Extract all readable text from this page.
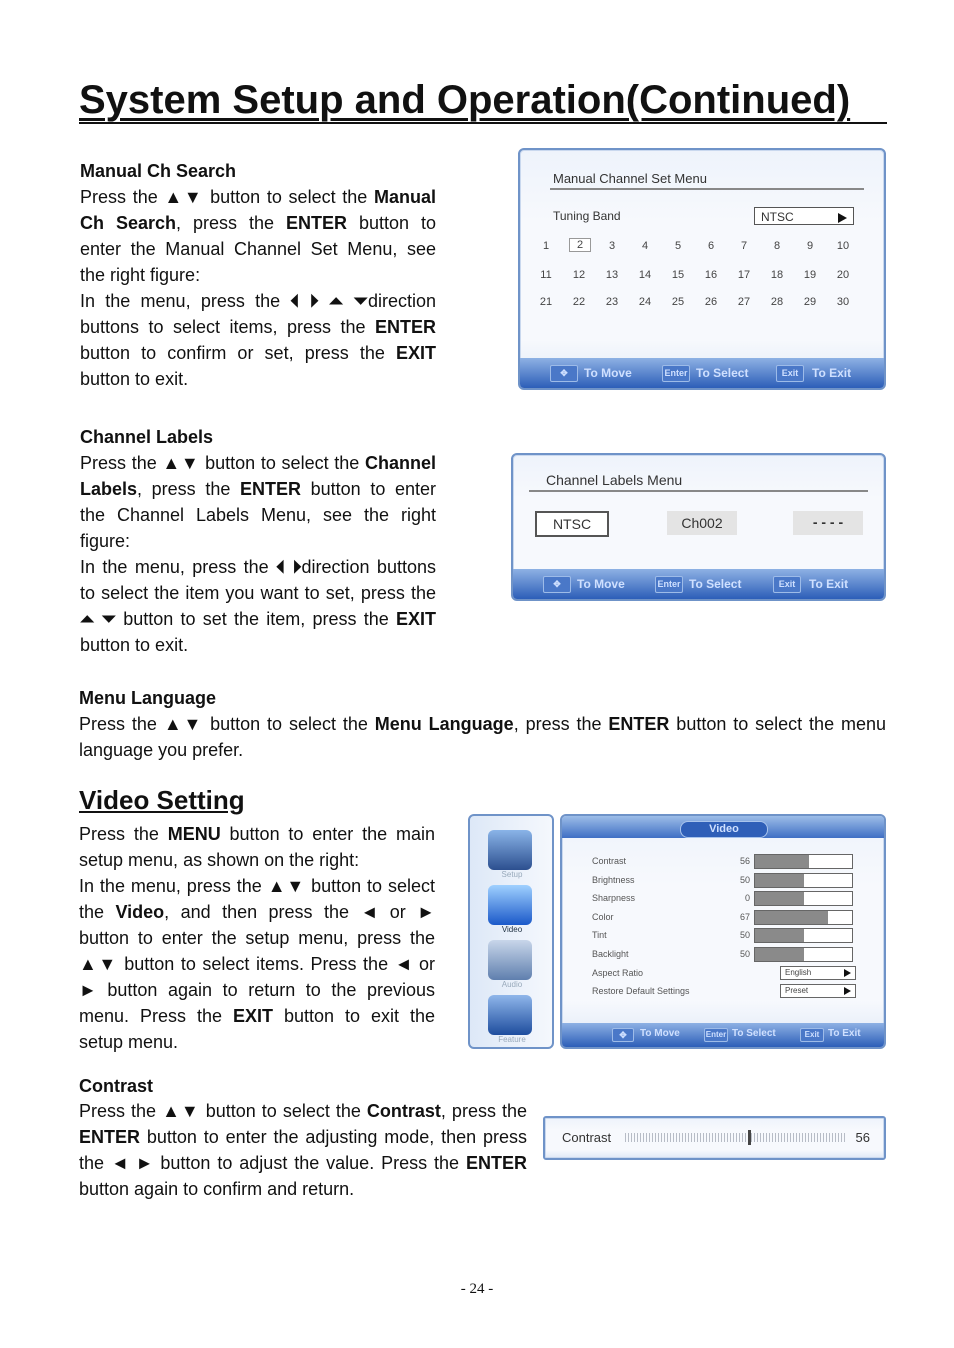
System Setup and Operation(Continued)
Manual Ch Search
Press the ▲▼ button to select the Manual Ch Search, press the ENTER button to enter the Manual Channel Set Menu, see the right figure:
In the menu, press the ⏴ ⏵ ⏶ ⏷direction buttons to select items, press the ENTER button to confirm or set, press the EXIT button to exit.
Manual Channel Set Menu
Tuning Band	NTSC
1	2	3	4	5	6	7	8	9	10
11	12	13	14	15	16	17	18	19	20
21	22	23	24	25	26	27	28	29	30
✥	To Move	Enter To Select	Exit	To Exit
Channel Labels
Press the ▲▼ button to select the Channel Labels, press the ENTER button to enter the Channel Labels Menu, see the right figure:
In the menu, press the ⏴ ⏵direction buttons to select the item you want to set, press the ⏶ ⏷ button to set the item, press the EXIT button to exit.
Channel Labels Menu
NTSC	Ch002	- - - -
✥	To Move	Enter To Select	Exit	To Exit
Menu Language
Press the ▲▼ button to select the Menu Language, press the ENTER button to select the menu language you prefer.
Video Setting
Press the MENU button to enter the main setup menu, as shown on the right:
In the menu, press the ▲▼ button to select the Video, and then press the ◄ or ► button to enter the setup menu, press the ▲▼ button to select items. Press the ◄ or ► button again to return to the previous menu. Press the EXIT button to exit the setup menu.
Setup
Video
Audio
Feature
Video
Contrast	56
Brightness	50
Sharpness	0
Color	67
Tint	50
Backlight	50
Aspect Ratio	English
Restore Default Settings	Preset
✥	To Move	Enter To Select	Exit To Exit
Contrast
Press the ▲▼ button to select the Contrast, press the ENTER button to enter the adjusting mode, then press the ◄ ► button to adjust the value. Press the ENTER button again to confirm and return.
Contrast	56
- 24 -
